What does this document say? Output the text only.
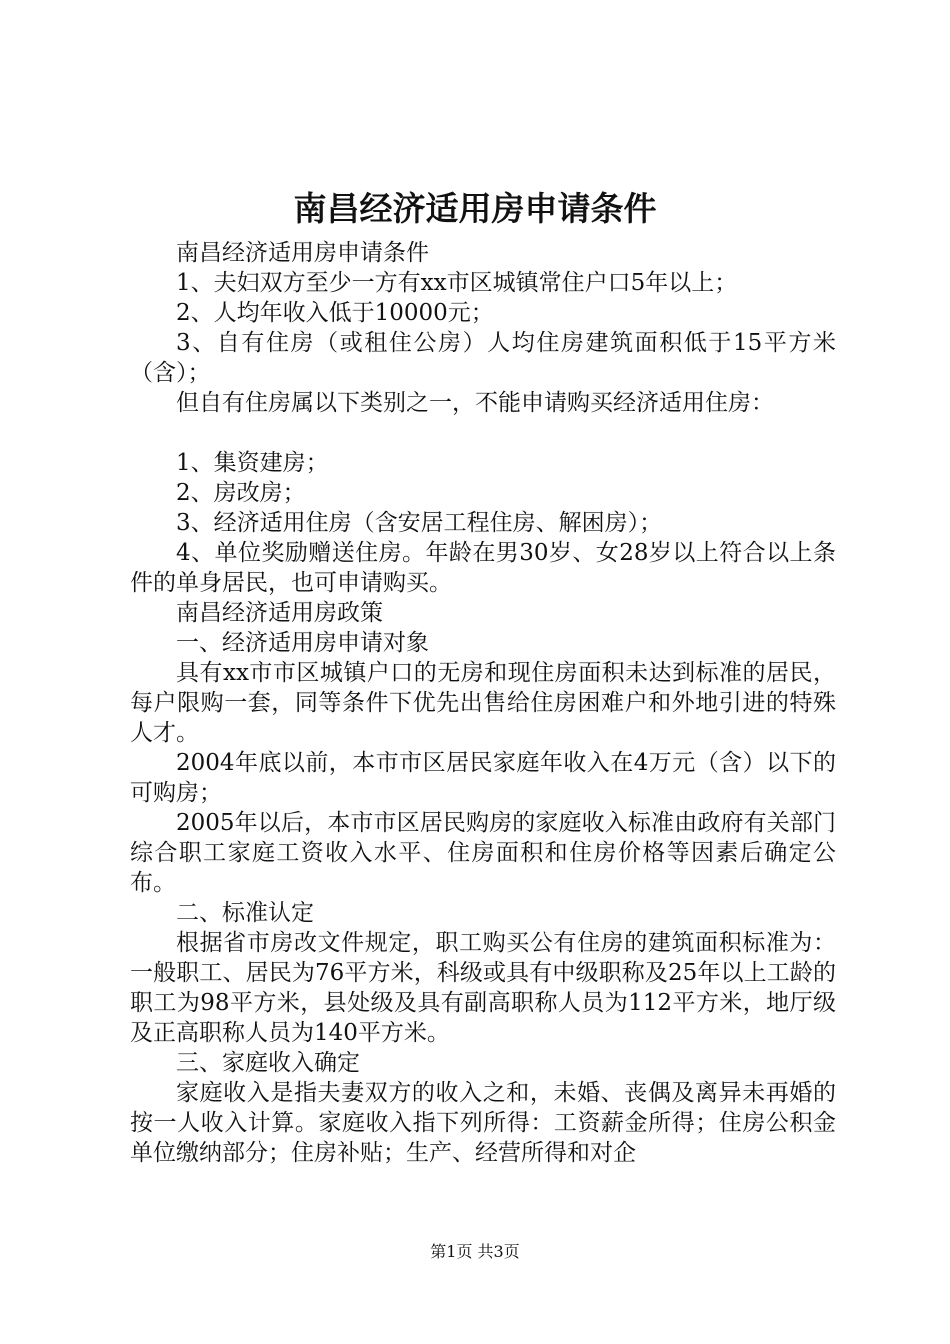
南昌经济适用房申请条件

南昌经济适用房申请条件

1、夫妇双方至少一方有xx市区城镇常住户口5年以上；

2、人均年收入低于10000元；

3、自有住房（或租住公房）人均住房建筑面积低于15平方米（含）；

但自有住房属以下类别之一，不能申请购买经济适用住房：

1、集资建房；

2、房改房；

3、经济适用住房（含安居工程住房、解困房）；

4、单位奖励赠送住房。年龄在男30岁、女28岁以上符合以上条件的单身居民，也可申请购买。

南昌经济适用房政策

一、经济适用房申请对象

具有xx市市区城镇户口的无房和现住房面积未达到标准的居民，每户限购一套，同等条件下优先出售给住房困难户和外地引进的特殊人才。

2004年底以前，本市市区居民家庭年收入在4万元（含）以下的可购房；

2005年以后，本市市区居民购房的家庭收入标准由政府有关部门综合职工家庭工资收入水平、住房面积和住房价格等因素后确定公布。

二、标准认定

根据省市房改文件规定，职工购买公有住房的建筑面积标准为：一般职工、居民为76平方米，科级或具有中级职称及25年以上工龄的职工为98平方米，县处级及具有副高职称人员为112平方米，地厅级及正高职称人员为140平方米。

三、家庭收入确定

家庭收入是指夫妻双方的收入之和，未婚、丧偶及离异未再婚的按一人收入计算。家庭收入指下列所得：工资薪金所得；住房公积金单位缴纳部分；住房补贴；生产、经营所得和对企

第1页 共3页
